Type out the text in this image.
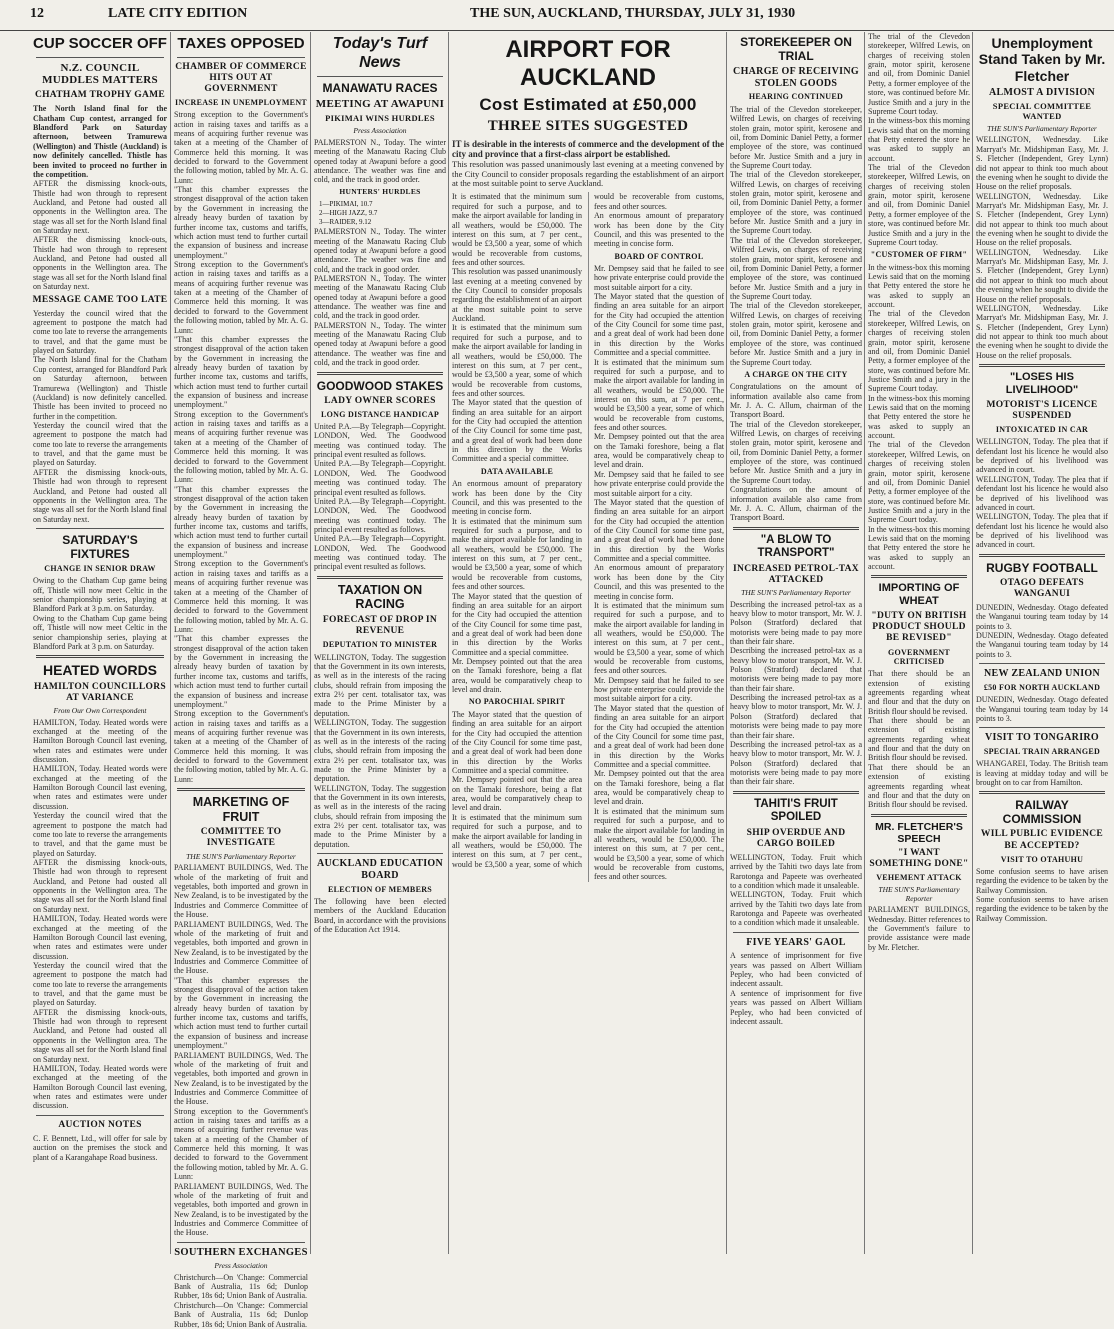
12	LATE CITY EDITION	THE SUN, AUCKLAND, THURSDAY, JULY 31, 1930
CUP SOCCER OFF
N.Z. COUNCIL MUDDLES MATTERS
CHATHAM TROPHY GAME

The North Island final for the Chatham Cup contest, arranged for Blandford Park on Saturday afternoon, between Tramurewa (Wellington) and Thistle (Auckland) is now definitely cancelled. Thistle has been invited to proceed no further in the competition.

AFTER the dismissing knock-outs, Thistle had won through to represent Auckland, and Petone had ousted all opponents in the Wellington area. The stage was all set for the North Island final on Saturday next.

AFTER the dismissing knock-outs, Thistle had won through to represent Auckland, and Petone had ousted all opponents in the Wellington area. The stage was all set for the North Island final on Saturday next.

MESSAGE CAME TOO LATE

Yesterday the council wired that the agreement to postpone the match had come too late to reverse the arrangements to travel, and that the game must be played on Saturday.

The North Island final for the Chatham Cup contest, arranged for Blandford Park on Saturday afternoon, between Tramurewa (Wellington) and Thistle (Auckland) is now definitely cancelled. Thistle has been invited to proceed no further in the competition.

Yesterday the council wired that the agreement to postpone the match had come too late to reverse the arrangements to travel, and that the game must be played on Saturday.

AFTER the dismissing knock-outs, Thistle had won through to represent Auckland, and Petone had ousted all opponents in the Wellington area. The stage was all set for the North Island final on Saturday next.

SATURDAY'S FIXTURES
CHANGE IN SENIOR DRAW

Owing to the Chatham Cup game being off, Thistle will now meet Celtic in the senior championship series, playing at Blandford Park at 3 p.m. on Saturday.

Owing to the Chatham Cup game being off, Thistle will now meet Celtic in the senior championship series, playing at Blandford Park at 3 p.m. on Saturday.

HEATED WORDS
HAMILTON COUNCILLORS AT VARIANCE
From Our Own Correspondent

HAMILTON, Today. Heated words were exchanged at the meeting of the Hamilton Borough Council last evening, when rates and estimates were under discussion.

HAMILTON, Today. Heated words were exchanged at the meeting of the Hamilton Borough Council last evening, when rates and estimates were under discussion.

Yesterday the council wired that the agreement to postpone the match had come too late to reverse the arrangements to travel, and that the game must be played on Saturday.

AFTER the dismissing knock-outs, Thistle had won through to represent Auckland, and Petone had ousted all opponents in the Wellington area. The stage was all set for the North Island final on Saturday next.

HAMILTON, Today. Heated words were exchanged at the meeting of the Hamilton Borough Council last evening, when rates and estimates were under discussion.

Yesterday the council wired that the agreement to postpone the match had come too late to reverse the arrangements to travel, and that the game must be played on Saturday.

AFTER the dismissing knock-outs, Thistle had won through to represent Auckland, and Petone had ousted all opponents in the Wellington area. The stage was all set for the North Island final on Saturday next.

HAMILTON, Today. Heated words were exchanged at the meeting of the Hamilton Borough Council last evening, when rates and estimates were under discussion.

AUCTION NOTES

C. F. Bennett, Ltd., will offer for sale by auction on the premises the stock and plant of a Karangahape Road business.

TAXES OPPOSED
CHAMBER OF COMMERCE HITS OUT AT GOVERNMENT
INCREASE IN UNEMPLOYMENT

Strong exception to the Government's action in raising taxes and tariffs as a means of acquiring further revenue was taken at a meeting of the Chamber of Commerce held this morning. It was decided to forward to the Government the following motion, tabled by Mr. A. G. Lunn:

"That this chamber expresses the strongest disapproval of the action taken by the Government in increasing the already heavy burden of taxation by further income tax, customs and tariffs, which action must tend to further curtail the expansion of business and increase unemployment."

Strong exception to the Government's action in raising taxes and tariffs as a means of acquiring further revenue was taken at a meeting of the Chamber of Commerce held this morning. It was decided to forward to the Government the following motion, tabled by Mr. A. G. Lunn:

"That this chamber expresses the strongest disapproval of the action taken by the Government in increasing the already heavy burden of taxation by further income tax, customs and tariffs, which action must tend to further curtail the expansion of business and increase unemployment."

Strong exception to the Government's action in raising taxes and tariffs as a means of acquiring further revenue was taken at a meeting of the Chamber of Commerce held this morning. It was decided to forward to the Government the following motion, tabled by Mr. A. G. Lunn:

"That this chamber expresses the strongest disapproval of the action taken by the Government in increasing the already heavy burden of taxation by further income tax, customs and tariffs, which action must tend to further curtail the expansion of business and increase unemployment."

Strong exception to the Government's action in raising taxes and tariffs as a means of acquiring further revenue was taken at a meeting of the Chamber of Commerce held this morning. It was decided to forward to the Government the following motion, tabled by Mr. A. G. Lunn:

"That this chamber expresses the strongest disapproval of the action taken by the Government in increasing the already heavy burden of taxation by further income tax, customs and tariffs, which action must tend to further curtail the expansion of business and increase unemployment."

Strong exception to the Government's action in raising taxes and tariffs as a means of acquiring further revenue was taken at a meeting of the Chamber of Commerce held this morning. It was decided to forward to the Government the following motion, tabled by Mr. A. G. Lunn:

MARKETING OF FRUIT
COMMITTEE TO INVESTIGATE
THE SUN'S Parliamentary Reporter

PARLIAMENT BUILDINGS, Wed. The whole of the marketing of fruit and vegetables, both imported and grown in New Zealand, is to be investigated by the Industries and Commerce Committee of the House.

PARLIAMENT BUILDINGS, Wed. The whole of the marketing of fruit and vegetables, both imported and grown in New Zealand, is to be investigated by the Industries and Commerce Committee of the House.

"That this chamber expresses the strongest disapproval of the action taken by the Government in increasing the already heavy burden of taxation by further income tax, customs and tariffs, which action must tend to further curtail the expansion of business and increase unemployment."

PARLIAMENT BUILDINGS, Wed. The whole of the marketing of fruit and vegetables, both imported and grown in New Zealand, is to be investigated by the Industries and Commerce Committee of the House.

Strong exception to the Government's action in raising taxes and tariffs as a means of acquiring further revenue was taken at a meeting of the Chamber of Commerce held this morning. It was decided to forward to the Government the following motion, tabled by Mr. A. G. Lunn:

PARLIAMENT BUILDINGS, Wed. The whole of the marketing of fruit and vegetables, both imported and grown in New Zealand, is to be investigated by the Industries and Commerce Committee of the House.

SOUTHERN EXCHANGES
Press Association

Christchurch—On 'Change: Commercial Bank of Australia, 11s 6d; Dunlop Rubber, 18s 6d; Union Bank of Australia.

Christchurch—On 'Change: Commercial Bank of Australia, 11s 6d; Dunlop Rubber, 18s 6d; Union Bank of Australia.

Today's Turf News
MANAWATU RACES
MEETING AT AWAPUNI
PIKIMAI WINS HURDLES
Press Association

PALMERSTON N., Today. The winter meeting of the Manawatu Racing Club opened today at Awapuni before a good attendance. The weather was fine and cold, and the track in good order.

HUNTERS' HURDLES
1—PIKIMAI, 10.7
2—HIGH JAZZ, 9.7
3—RAIDER, 9.12

PALMERSTON N., Today. The winter meeting of the Manawatu Racing Club opened today at Awapuni before a good attendance. The weather was fine and cold, and the track in good order.

PALMERSTON N., Today. The winter meeting of the Manawatu Racing Club opened today at Awapuni before a good attendance. The weather was fine and cold, and the track in good order.

PALMERSTON N., Today. The winter meeting of the Manawatu Racing Club opened today at Awapuni before a good attendance. The weather was fine and cold, and the track in good order.

GOODWOOD STAKES
LADY OWNER SCORES
LONG DISTANCE HANDICAP

United P.A.—By Telegraph—Copyright. LONDON, Wed. The Goodwood meeting was continued today. The principal event resulted as follows.

United P.A.—By Telegraph—Copyright. LONDON, Wed. The Goodwood meeting was continued today. The principal event resulted as follows.

United P.A.—By Telegraph—Copyright. LONDON, Wed. The Goodwood meeting was continued today. The principal event resulted as follows.

United P.A.—By Telegraph—Copyright. LONDON, Wed. The Goodwood meeting was continued today. The principal event resulted as follows.

TAXATION ON RACING
FORECAST OF DROP IN REVENUE
DEPUTATION TO MINISTER

WELLINGTON, Today. The suggestion that the Government in its own interests, as well as in the interests of the racing clubs, should refrain from imposing the extra 2½ per cent. totalisator tax, was made to the Prime Minister by a deputation.

WELLINGTON, Today. The suggestion that the Government in its own interests, as well as in the interests of the racing clubs, should refrain from imposing the extra 2½ per cent. totalisator tax, was made to the Prime Minister by a deputation.

WELLINGTON, Today. The suggestion that the Government in its own interests, as well as in the interests of the racing clubs, should refrain from imposing the extra 2½ per cent. totalisator tax, was made to the Prime Minister by a deputation.

AUCKLAND EDUCATION BOARD
ELECTION OF MEMBERS

The following have been elected members of the Auckland Education Board, in accordance with the provisions of the Education Act 1914.

AIRPORT FOR AUCKLAND
Cost Estimated at £50,000
THREE SITES SUGGESTED

IT is desirable in the interests of commerce and the development of the city and province that a first-class airport be established.

This resolution was passed unanimously last evening at a meeting convened by the City Council to consider proposals regarding the establishment of an airport at the most suitable point to serve Auckland.

It is estimated that the minimum sum required for such a purpose, and to make the airport available for landing in all weathers, would be £50,000. The interest on this sum, at 7 per cent., would be £3,500 a year, some of which would be recoverable from customs, fees and other sources.

This resolution was passed unanimously last evening at a meeting convened by the City Council to consider proposals regarding the establishment of an airport at the most suitable point to serve Auckland.

It is estimated that the minimum sum required for such a purpose, and to make the airport available for landing in all weathers, would be £50,000. The interest on this sum, at 7 per cent., would be £3,500 a year, some of which would be recoverable from customs, fees and other sources.

The Mayor stated that the question of finding an area suitable for an airport for the City had occupied the attention of the City Council for some time past, and a great deal of work had been done in this direction by the Works Committee and a special committee.

DATA AVAILABLE

An enormous amount of preparatory work has been done by the City Council, and this was presented to the meeting in concise form.

It is estimated that the minimum sum required for such a purpose, and to make the airport available for landing in all weathers, would be £50,000. The interest on this sum, at 7 per cent., would be £3,500 a year, some of which would be recoverable from customs, fees and other sources.

The Mayor stated that the question of finding an area suitable for an airport for the City had occupied the attention of the City Council for some time past, and a great deal of work had been done in this direction by the Works Committee and a special committee.

Mr. Dempsey pointed out that the area on the Tamaki foreshore, being a flat area, would be comparatively cheap to level and drain.

NO PAROCHIAL SPIRIT

The Mayor stated that the question of finding an area suitable for an airport for the City had occupied the attention of the City Council for some time past, and a great deal of work had been done in this direction by the Works Committee and a special committee.

Mr. Dempsey pointed out that the area on the Tamaki foreshore, being a flat area, would be comparatively cheap to level and drain.

It is estimated that the minimum sum required for such a purpose, and to make the airport available for landing in all weathers, would be £50,000. The interest on this sum, at 7 per cent., would be £3,500 a year, some of which would be recoverable from customs, fees and other sources.

An enormous amount of preparatory work has been done by the City Council, and this was presented to the meeting in concise form.

BOARD OF CONTROL

Mr. Dempsey said that he failed to see how private enterprise could provide the most suitable airport for a city.

The Mayor stated that the question of finding an area suitable for an airport for the City had occupied the attention of the City Council for some time past, and a great deal of work had been done in this direction by the Works Committee and a special committee.

It is estimated that the minimum sum required for such a purpose, and to make the airport available for landing in all weathers, would be £50,000. The interest on this sum, at 7 per cent., would be £3,500 a year, some of which would be recoverable from customs, fees and other sources.

Mr. Dempsey pointed out that the area on the Tamaki foreshore, being a flat area, would be comparatively cheap to level and drain.

Mr. Dempsey said that he failed to see how private enterprise could provide the most suitable airport for a city.

The Mayor stated that the question of finding an area suitable for an airport for the City had occupied the attention of the City Council for some time past, and a great deal of work had been done in this direction by the Works Committee and a special committee.

An enormous amount of preparatory work has been done by the City Council, and this was presented to the meeting in concise form.

It is estimated that the minimum sum required for such a purpose, and to make the airport available for landing in all weathers, would be £50,000. The interest on this sum, at 7 per cent., would be £3,500 a year, some of which would be recoverable from customs, fees and other sources.

Mr. Dempsey said that he failed to see how private enterprise could provide the most suitable airport for a city.

The Mayor stated that the question of finding an area suitable for an airport for the City had occupied the attention of the City Council for some time past, and a great deal of work had been done in this direction by the Works Committee and a special committee.

Mr. Dempsey pointed out that the area on the Tamaki foreshore, being a flat area, would be comparatively cheap to level and drain.

It is estimated that the minimum sum required for such a purpose, and to make the airport available for landing in all weathers, would be £50,000. The interest on this sum, at 7 per cent., would be £3,500 a year, some of which would be recoverable from customs, fees and other sources.

STOREKEEPER ON TRIAL
CHARGE OF RECEIVING STOLEN GOODS
HEARING CONTINUED

The trial of the Clevedon storekeeper, Wilfred Lewis, on charges of receiving stolen grain, motor spirit, kerosene and oil, from Dominic Daniel Petty, a former employee of the store, was continued before Mr. Justice Smith and a jury in the Supreme Court today.

The trial of the Clevedon storekeeper, Wilfred Lewis, on charges of receiving stolen grain, motor spirit, kerosene and oil, from Dominic Daniel Petty, a former employee of the store, was continued before Mr. Justice Smith and a jury in the Supreme Court today.

The trial of the Clevedon storekeeper, Wilfred Lewis, on charges of receiving stolen grain, motor spirit, kerosene and oil, from Dominic Daniel Petty, a former employee of the store, was continued before Mr. Justice Smith and a jury in the Supreme Court today.

The trial of the Clevedon storekeeper, Wilfred Lewis, on charges of receiving stolen grain, motor spirit, kerosene and oil, from Dominic Daniel Petty, a former employee of the store, was continued before Mr. Justice Smith and a jury in the Supreme Court today.

A CHARGE ON THE CITY

Congratulations on the amount of information available also came from Mr. J. A. C. Allum, chairman of the Transport Board.

The trial of the Clevedon storekeeper, Wilfred Lewis, on charges of receiving stolen grain, motor spirit, kerosene and oil, from Dominic Daniel Petty, a former employee of the store, was continued before Mr. Justice Smith and a jury in the Supreme Court today.

Congratulations on the amount of information available also came from Mr. J. A. C. Allum, chairman of the Transport Board.

"A BLOW TO TRANSPORT"
INCREASED PETROL-TAX ATTACKED
THE SUN'S Parliamentary Reporter

Describing the increased petrol-tax as a heavy blow to motor transport, Mr. W. J. Polson (Stratford) declared that motorists were being made to pay more than their fair share.

Describing the increased petrol-tax as a heavy blow to motor transport, Mr. W. J. Polson (Stratford) declared that motorists were being made to pay more than their fair share.

Describing the increased petrol-tax as a heavy blow to motor transport, Mr. W. J. Polson (Stratford) declared that motorists were being made to pay more than their fair share.

Describing the increased petrol-tax as a heavy blow to motor transport, Mr. W. J. Polson (Stratford) declared that motorists were being made to pay more than their fair share.

TAHITI'S FRUIT SPOILED
SHIP OVERDUE AND CARGO BOILED

WELLINGTON, Today. Fruit which arrived by the Tahiti two days late from Rarotonga and Papeete was overheated to a condition which made it unsaleable.

WELLINGTON, Today. Fruit which arrived by the Tahiti two days late from Rarotonga and Papeete was overheated to a condition which made it unsaleable.

FIVE YEARS' GAOL

A sentence of imprisonment for five years was passed on Albert William Pepley, who had been convicted of indecent assault.

A sentence of imprisonment for five years was passed on Albert William Pepley, who had been convicted of indecent assault.

The trial of the Clevedon storekeeper, Wilfred Lewis, on charges of receiving stolen grain, motor spirit, kerosene and oil, from Dominic Daniel Petty, a former employee of the store, was continued before Mr. Justice Smith and a jury in the Supreme Court today.

In the witness-box this morning Lewis said that on the morning that Petty entered the store he was asked to supply an account.

The trial of the Clevedon storekeeper, Wilfred Lewis, on charges of receiving stolen grain, motor spirit, kerosene and oil, from Dominic Daniel Petty, a former employee of the store, was continued before Mr. Justice Smith and a jury in the Supreme Court today.

"CUSTOMER OF FIRM"

In the witness-box this morning Lewis said that on the morning that Petty entered the store he was asked to supply an account.

The trial of the Clevedon storekeeper, Wilfred Lewis, on charges of receiving stolen grain, motor spirit, kerosene and oil, from Dominic Daniel Petty, a former employee of the store, was continued before Mr. Justice Smith and a jury in the Supreme Court today.

In the witness-box this morning Lewis said that on the morning that Petty entered the store he was asked to supply an account.

The trial of the Clevedon storekeeper, Wilfred Lewis, on charges of receiving stolen grain, motor spirit, kerosene and oil, from Dominic Daniel Petty, a former employee of the store, was continued before Mr. Justice Smith and a jury in the Supreme Court today.

In the witness-box this morning Lewis said that on the morning that Petty entered the store he was asked to supply an account.

IMPORTING OF WHEAT
"DUTY ON BRITISH PRODUCT SHOULD BE REVISED"
GOVERNMENT CRITICISED

That there should be an extension of existing agreements regarding wheat and flour and that the duty on British flour should be revised.

That there should be an extension of existing agreements regarding wheat and flour and that the duty on British flour should be revised.

That there should be an extension of existing agreements regarding wheat and flour and that the duty on British flour should be revised.

MR. FLETCHER'S SPEECH
"I WANT SOMETHING DONE"
VEHEMENT ATTACK
THE SUN'S Parliamentary Reporter

PARLIAMENT BUILDINGS, Wednesday. Bitter references to the Government's failure to provide assistance were made by Mr. Fletcher.

Unemployment Stand Taken by Mr. Fletcher
ALMOST A DIVISION
SPECIAL COMMITTEE WANTED
THE SUN'S Parliamentary Reporter

WELLINGTON, Wednesday. Like Marryat's Mr. Midshipman Easy, Mr. J. S. Fletcher (Independent, Grey Lynn) did not appear to think too much about the evening when he sought to divide the House on the relief proposals.

WELLINGTON, Wednesday. Like Marryat's Mr. Midshipman Easy, Mr. J. S. Fletcher (Independent, Grey Lynn) did not appear to think too much about the evening when he sought to divide the House on the relief proposals.

WELLINGTON, Wednesday. Like Marryat's Mr. Midshipman Easy, Mr. J. S. Fletcher (Independent, Grey Lynn) did not appear to think too much about the evening when he sought to divide the House on the relief proposals.

WELLINGTON, Wednesday. Like Marryat's Mr. Midshipman Easy, Mr. J. S. Fletcher (Independent, Grey Lynn) did not appear to think too much about the evening when he sought to divide the House on the relief proposals.

"LOSES HIS LIVELIHOOD"
MOTORIST'S LICENCE SUSPENDED
INTOXICATED IN CAR

WELLINGTON, Today. The plea that if defendant lost his licence he would also be deprived of his livelihood was advanced in court.

WELLINGTON, Today. The plea that if defendant lost his licence he would also be deprived of his livelihood was advanced in court.

WELLINGTON, Today. The plea that if defendant lost his licence he would also be deprived of his livelihood was advanced in court.

RUGBY FOOTBALL
OTAGO DEFEATS WANGANUI

DUNEDIN, Wednesday. Otago defeated the Wanganui touring team today by 14 points to 3.

DUNEDIN, Wednesday. Otago defeated the Wanganui touring team today by 14 points to 3.

NEW ZEALAND UNION
£50 FOR NORTH AUCKLAND

DUNEDIN, Wednesday. Otago defeated the Wanganui touring team today by 14 points to 3.

VISIT TO TONGARIRO
SPECIAL TRAIN ARRANGED

WHANGAREI, Today. The British team is leaving at midday today and will be brought on to car from Hamilton.

RAILWAY COMMISSION
WILL PUBLIC EVIDENCE BE ACCEPTED?
VISIT TO OTAHUHU

Some confusion seems to have arisen regarding the evidence to be taken by the Railway Commission.

Some confusion seems to have arisen regarding the evidence to be taken by the Railway Commission.
